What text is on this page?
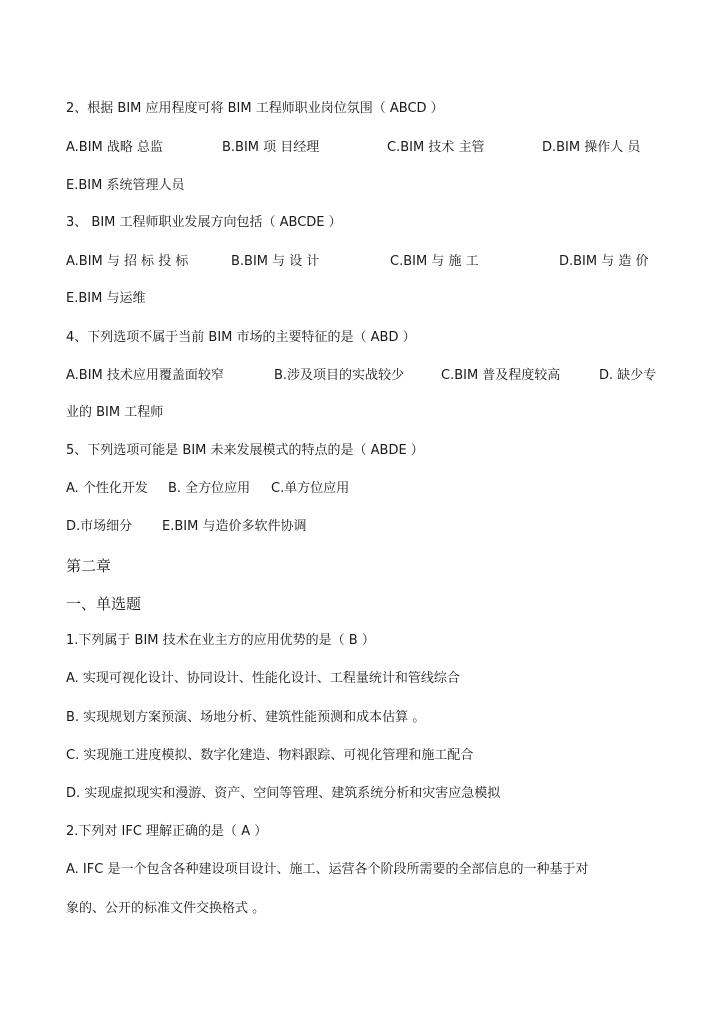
2、根据 BIM 应用程度可将 BIM 工程师职业岗位氛围（ ABCD ）
A.BIM 战略 总监	B.BIM 项 目经理	C.BIM 技术 主管	D.BIM 操作人 员
E.BIM 系统管理人员
3、 BIM 工程师职业发展方向包括（ ABCDE ）
A.BIM 与 招 标 投 标	B.BIM 与 设 计	C.BIM 与 施 工	D.BIM 与 造 价
E.BIM 与运维
4、下列选项不属于当前 BIM 市场的主要特征的是（ ABD ）
A.BIM 技术应用覆盖面较窄	B.涉及项目的实战较少	C.BIM 普及程度较高	D. 缺少专
业的 BIM 工程师
5、下列选项可能是 BIM 未来发展模式的特点的是（ ABDE ）
A. 个性化开发 B. 全方位应用 C.单方位应用
D.市场细分 E.BIM 与造价多软件协调
第二章
一、单选题
1.下列属于 BIM 技术在业主方的应用优势的是（ B ）
A. 实现可视化设计、协同设计、性能化设计、工程量统计和管线综合
B. 实现规划方案预演、场地分析、建筑性能预测和成本估算 。
C. 实现施工进度模拟、数字化建造、物料跟踪、可视化管理和施工配合
D. 实现虚拟现实和漫游、资产、空间等管理、建筑系统分析和灾害应急模拟
2.下列对 IFC 理解正确的是（ A ）
A. IFC 是一个包含各种建设项目设计、施工、运营各个阶段所需要的全部信息的一种基于对
象的、公开的标准文件交换格式 。
